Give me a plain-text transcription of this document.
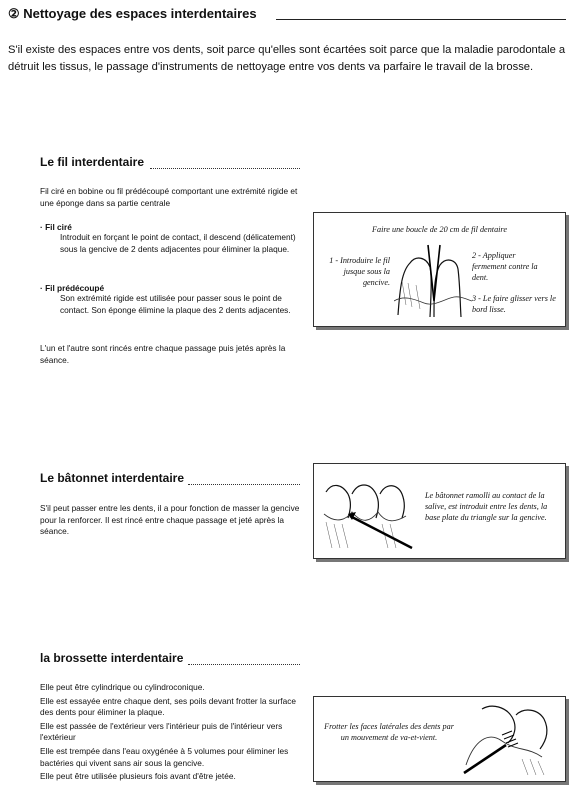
② Nettoyage des espaces interdentaires
S'il existe des espaces entre vos dents, soit parce qu'elles sont écartées soit parce que la maladie parodontale a détruit les tissus, le passage d'instruments de nettoyage entre vos dents va parfaire le travail de la brosse.
Le fil interdentaire
Fil ciré en bobine ou fil prédécoupé comportant une extrémité rigide et une éponge dans sa partie centrale
· Fil ciré
Introduit en forçant le point de contact, il descend (délicatement) sous la gencive de 2 dents adjacentes pour éliminer la plaque.
· Fil prédécoupé
Son extrémité rigide est utilisée pour passer sous le point de contact. Son éponge élimine la plaque des 2 dents adjacentes.
L'un et l'autre sont rincés entre chaque passage puis jetés après la séance.
Faire une boucle de 20 cm de fil dentaire
1 - Introduire le fil jusque sous la gencive.
2 - Appliquer fermement contre la dent.
3 - Le faire glisser vers le bord lisse.
Le bâtonnet interdentaire
S'il peut passer entre les dents, il a pour fonction de masser la gencive pour la renforcer. Il est rincé entre chaque passage et jeté après la séance.
Le bâtonnet ramolli au contact de la salive, est introduit entre les dents, la base plate du triangle sur la gencive.
la brossette interdentaire
Elle peut être cylindrique ou cylindroconique.
Elle est essayée entre chaque dent, ses poils devant frotter la surface des dents pour éliminer la plaque.
Elle est passée de l'extérieur vers l'intérieur puis de l'intérieur vers l'extérieur
Elle est trempée dans l'eau oxygénée à 5 volumes pour éliminer les bactéries qui vivent sans air sous la gencive.
Elle peut être utilisée plusieurs fois avant d'être jetée.
Frotter les faces latérales des dents par un mouvement de va-et-vient.
